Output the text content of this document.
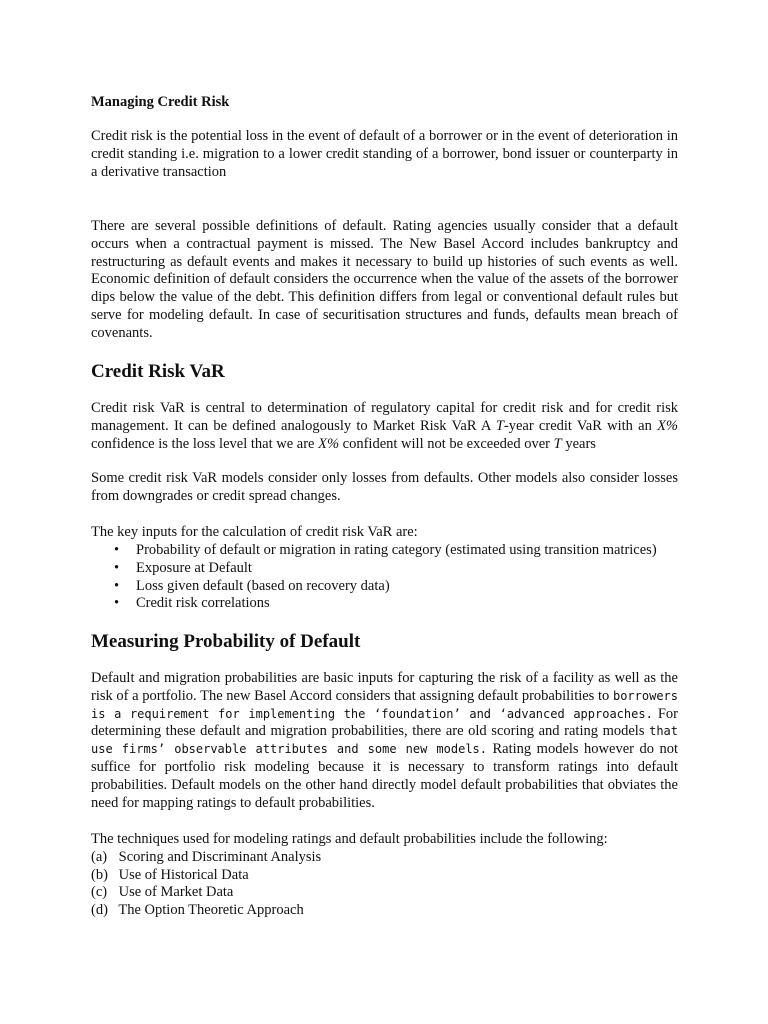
Managing Credit Risk

Credit risk is the potential loss in the event of default of a borrower or in the event of deterioration in credit standing i.e. migration to a lower credit standing of a borrower, bond issuer or counterparty in a derivative transaction

There are several possible definitions of default. Rating agencies usually consider that a default occurs when a contractual payment is missed. The New Basel Accord includes bankruptcy and restructuring as default events and makes it necessary to build up histories of such events as well. Economic definition of default considers the occurrence when the value of the assets of the borrower dips below the value of the debt. This definition differs from legal or conventional default rules but serve for modeling default. In case of securitisation structures and funds, defaults mean breach of covenants.

Credit Risk VaR

Credit risk VaR is central to determination of regulatory capital for credit risk and for credit risk management. It can be defined analogously to Market Risk VaR A T-year credit VaR with an X% confidence is the loss level that we are X% confident will not be exceeded over T years

Some credit risk VaR models consider only losses from defaults. Other models also consider losses from downgrades or credit spread changes.

The key inputs for the calculation of credit risk VaR are:

• Probability of default or migration in rating category (estimated using transition matrices)
• Exposure at Default
• Loss given default (based on recovery data)
• Credit risk correlations
Measuring Probability of Default

Default and migration probabilities are basic inputs for capturing the risk of a facility as well as the risk of a portfolio. The new Basel Accord considers that assigning default probabilities to borrowers is a requirement for implementing the ‘foundation’ and ‘advanced approaches. For determining these default and migration probabilities, there are old scoring and rating models that use firms’ observable attributes and some new models. Rating models however do not suffice for portfolio risk modeling because it is necessary to transform ratings into default probabilities. Default models on the other hand directly model default probabilities that obviates the need for mapping ratings to default probabilities.

The techniques used for modeling ratings and default probabilities include the following:

(a) Scoring and Discriminant Analysis
(b) Use of Historical Data
(c) Use of Market Data
(d) The Option Theoretic Approach
